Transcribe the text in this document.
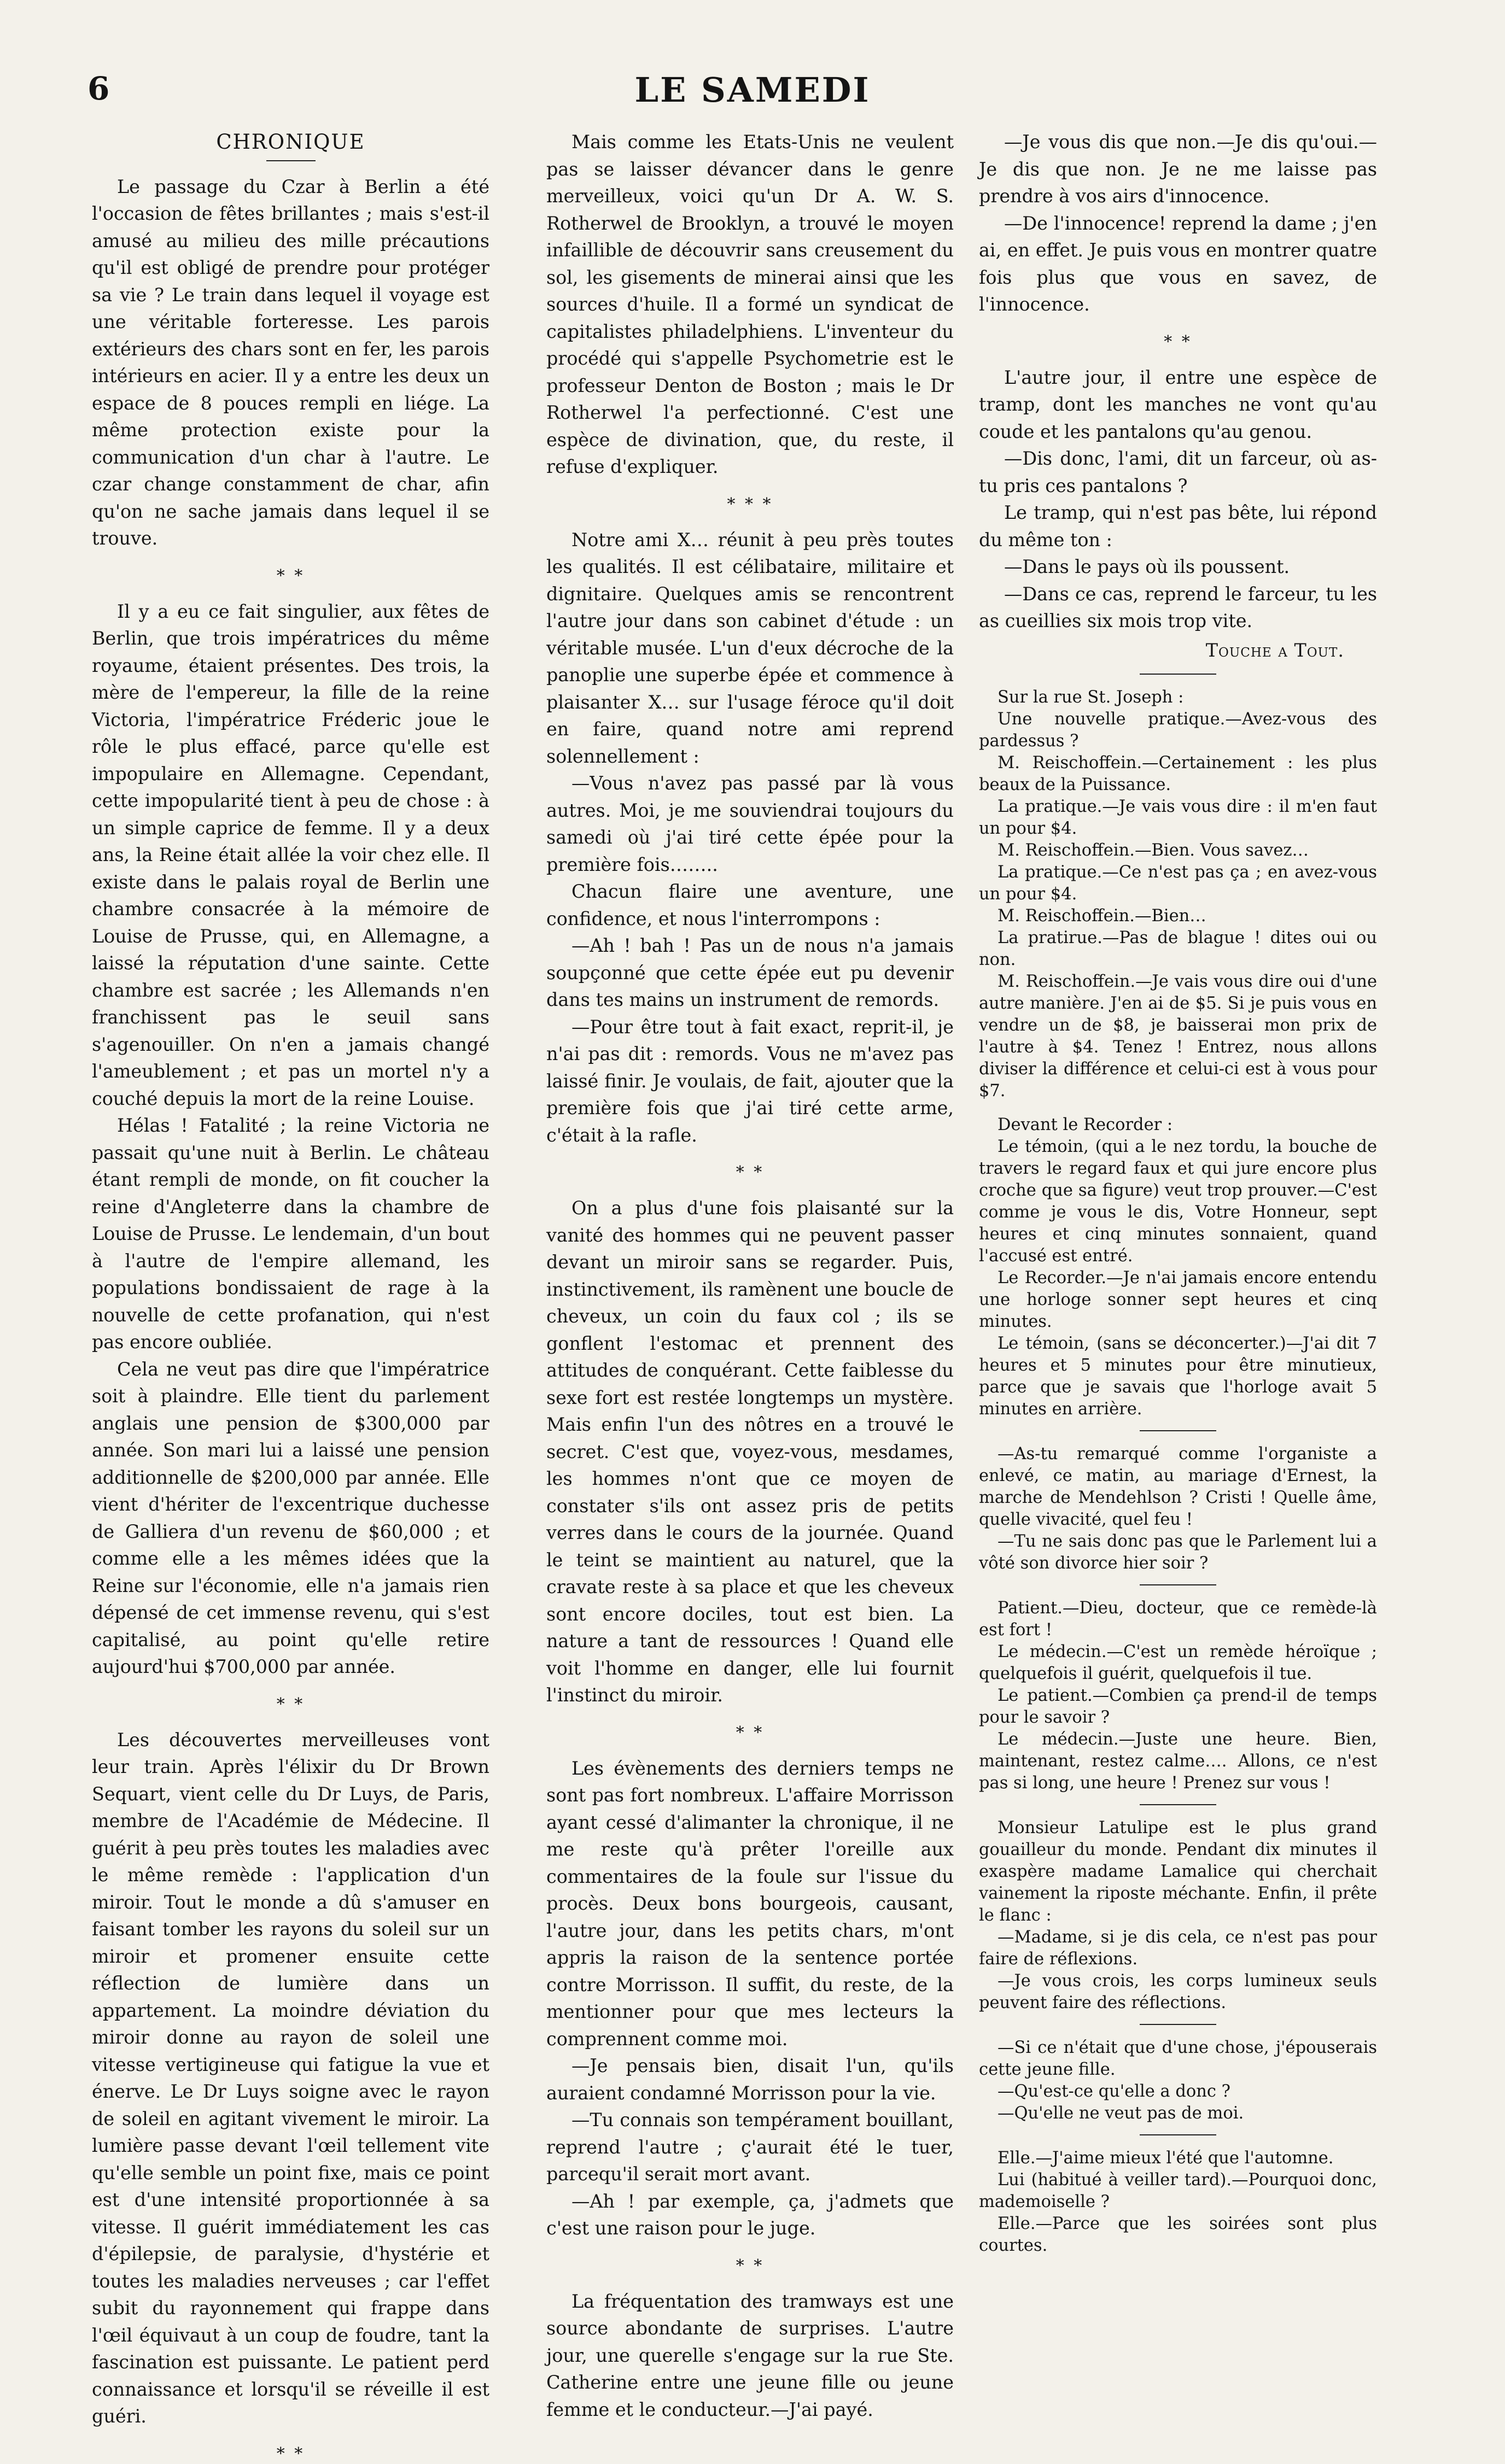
6	LE SAMEDI
CHRONIQUE

Le passage du Czar à Berlin a été l'occasion de fêtes brillantes ; mais s'est-il amusé au milieu des mille précautions qu'il est obligé de prendre pour protéger sa vie ? Le train dans lequel il voyage est une véritable forteresse. Les parois extérieurs des chars sont en fer, les parois intérieurs en acier. Il y a entre les deux un espace de 8 pouces rempli en liége. La même protection existe pour la communication d'un char à l'autre. Le czar change constamment de char, afin qu'on ne sache jamais dans lequel il se trouve.

* *

Il y a eu ce fait singulier, aux fêtes de Berlin, que trois impératrices du même royaume, étaient présentes. Des trois, la mère de l'empereur, la fille de la reine Victoria, l'impératrice Fréderic joue le rôle le plus effacé, parce qu'elle est impopulaire en Allemagne. Cependant, cette impopularité tient à peu de chose : à un simple caprice de femme. Il y a deux ans, la Reine était allée la voir chez elle. Il existe dans le palais royal de Berlin une chambre consacrée à la mémoire de Louise de Prusse, qui, en Allemagne, a laissé la réputation d'une sainte. Cette chambre est sacrée ; les Allemands n'en franchissent pas le seuil sans s'agenouiller. On n'en a jamais changé l'ameublement ; et pas un mortel n'y a couché depuis la mort de la reine Louise.

Hélas ! Fatalité ; la reine Victoria ne passait qu'une nuit à Berlin. Le château étant rempli de monde, on fit coucher la reine d'Angleterre dans la chambre de Louise de Prusse. Le lendemain, d'un bout à l'autre de l'empire allemand, les populations bondissaient de rage à la nouvelle de cette profanation, qui n'est pas encore oubliée.

Cela ne veut pas dire que l'impératrice soit à plaindre. Elle tient du parlement anglais une pension de $300,000 par année. Son mari lui a laissé une pension additionnelle de $200,000 par année. Elle vient d'hériter de l'excentrique duchesse de Galliera d'un revenu de $60,000 ; et comme elle a les mêmes idées que la Reine sur l'économie, elle n'a jamais rien dépensé de cet immense revenu, qui s'est capitalisé, au point qu'elle retire aujourd'hui $700,000 par année.

* *

Les découvertes merveilleuses vont leur train. Après l'élixir du Dr Brown Sequart, vient celle du Dr Luys, de Paris, membre de l'Académie de Médecine. Il guérit à peu près toutes les maladies avec le même remède : l'application d'un miroir. Tout le monde a dû s'amuser en faisant tomber les rayons du soleil sur un miroir et promener ensuite cette réflection de lumière dans un appartement. La moindre déviation du miroir donne au rayon de soleil une vitesse vertigineuse qui fatigue la vue et énerve. Le Dr Luys soigne avec le rayon de soleil en agitant vivement le miroir. La lumière passe devant l'œil tellement vite qu'elle semble un point fixe, mais ce point est d'une intensité proportionnée à sa vitesse. Il guérit immédiatement les cas d'épilepsie, de paralysie, d'hystérie et toutes les maladies nerveuses ; car l'effet subit du rayonnement qui frappe dans l'œil équivaut à un coup de foudre, tant la fascination est puissante. Le patient perd connaissance et lorsqu'il se réveille il est guéri.

* *

Mais comme les Etats-Unis ne veulent pas se laisser dévancer dans le genre merveilleux, voici qu'un Dr A. W. S. Rotherwel de Brooklyn, a trouvé le moyen infaillible de découvrir sans creusement du sol, les gisements de minerai ainsi que les sources d'huile. Il a formé un syndicat de capitalistes philadelphiens. L'inventeur du procédé qui s'appelle Psychometrie est le professeur Denton de Boston ; mais le Dr Rotherwel l'a perfectionné. C'est une espèce de divination, que, du reste, il refuse d'expliquer.

* * *

Notre ami X… réunit à peu près toutes les qualités. Il est célibataire, militaire et dignitaire. Quelques amis se rencontrent l'autre jour dans son cabinet d'étude : un véritable musée. L'un d'eux décroche de la panoplie une superbe épée et commence à plaisanter X… sur l'usage féroce qu'il doit en faire, quand notre ami reprend solennellement :

—Vous n'avez pas passé par là vous autres. Moi, je me souviendrai toujours du samedi où j'ai tiré cette épée pour la première fois……..

Chacun flaire une aventure, une confidence, et nous l'interrompons :

—Ah ! bah ! Pas un de nous n'a jamais soupçonné que cette épée eut pu devenir dans tes mains un instrument de remords.

—Pour être tout à fait exact, reprit-il, je n'ai pas dit : remords. Vous ne m'avez pas laissé finir. Je voulais, de fait, ajouter que la première fois que j'ai tiré cette arme, c'était à la rafle.

* *

On a plus d'une fois plaisanté sur la vanité des hommes qui ne peuvent passer devant un miroir sans se regarder. Puis, instinctivement, ils ramènent une boucle de cheveux, un coin du faux col ; ils se gonflent l'estomac et prennent des attitudes de conquérant. Cette faiblesse du sexe fort est restée longtemps un mystère. Mais enfin l'un des nôtres en a trouvé le secret. C'est que, voyez-vous, mesdames, les hommes n'ont que ce moyen de constater s'ils ont assez pris de petits verres dans le cours de la journée. Quand le teint se maintient au naturel, que la cravate reste à sa place et que les cheveux sont encore dociles, tout est bien. La nature a tant de ressources ! Quand elle voit l'homme en danger, elle lui fournit l'instinct du miroir.

* *

Les évènements des derniers temps ne sont pas fort nombreux. L'affaire Morrisson ayant cessé d'alimanter la chronique, il ne me reste qu'à prêter l'oreille aux commentaires de la foule sur l'issue du procès. Deux bons bourgeois, causant, l'autre jour, dans les petits chars, m'ont appris la raison de la sentence portée contre Morrisson. Il suffit, du reste, de la mentionner pour que mes lecteurs la comprennent comme moi.

—Je pensais bien, disait l'un, qu'ils auraient condamné Morrisson pour la vie.

—Tu connais son tempérament bouillant, reprend l'autre ; ç'aurait été le tuer, parcequ'il serait mort avant.

—Ah ! par exemple, ça, j'admets que c'est une raison pour le juge.

* *

La fréquentation des tramways est une source abondante de surprises. L'autre jour, une querelle s'engage sur la rue Ste. Catherine entre une jeune fille ou jeune femme et le conducteur.—J'ai payé.

—Je vous dis que non.—Je dis qu'oui.—Je dis que non. Je ne me laisse pas prendre à vos airs d'innocence.

—De l'innocence! reprend la dame ; j'en ai, en effet. Je puis vous en montrer quatre fois plus que vous en savez, de l'innocence.

* *

L'autre jour, il entre une espèce de tramp, dont les manches ne vont qu'au coude et les pantalons qu'au genou.

—Dis donc, l'ami, dit un farceur, où as-tu pris ces pantalons ?

Le tramp, qui n'est pas bête, lui répond du même ton :

—Dans le pays où ils poussent.

—Dans ce cas, reprend le farceur, tu les as cueillies six mois trop vite.

Touche a Tout.

Sur la rue St. Joseph :

Une nouvelle pratique.—Avez-vous des pardessus ?

M. Reischoffein.—Certainement : les plus beaux de la Puissance.

La pratique.—Je vais vous dire : il m'en faut un pour $4.

M. Reischoffein.—Bien. Vous savez…

La pratique.—Ce n'est pas ça ; en avez-vous un pour $4.

M. Reischoffein.—Bien…

La pratirue.—Pas de blague ! dites oui ou non.

M. Reischoffein.—Je vais vous dire oui d'une autre manière. J'en ai de $5. Si je puis vous en vendre un de $8, je baisserai mon prix de l'autre à $4. Tenez ! Entrez, nous allons diviser la différence et celui-ci est à vous pour $7.

Devant le Recorder :

Le témoin, (qui a le nez tordu, la bouche de travers le regard faux et qui jure encore plus croche que sa figure) veut trop prouver.—C'est comme je vous le dis, Votre Honneur, sept heures et cinq minutes sonnaient, quand l'accusé est entré.

Le Recorder.—Je n'ai jamais encore entendu une horloge sonner sept heures et cinq minutes.

Le témoin, (sans se déconcerter.)—J'ai dit 7 heures et 5 minutes pour être minutieux, parce que je savais que l'horloge avait 5 minutes en arrière.

—As-tu remarqué comme l'organiste a enlevé, ce matin, au mariage d'Ernest, la marche de Mendehlson ? Cristi ! Quelle âme, quelle vivacité, quel feu !

—Tu ne sais donc pas que le Parlement lui a vôté son divorce hier soir ?

Patient.—Dieu, docteur, que ce remède-là est fort !

Le médecin.—C'est un remède héroïque ; quelquefois il guérit, quelquefois il tue.

Le patient.—Combien ça prend-il de temps pour le savoir ?

Le médecin.—Juste une heure. Bien, maintenant, restez calme…. Allons, ce n'est pas si long, une heure ! Prenez sur vous !

Monsieur Latulipe est le plus grand gouailleur du monde. Pendant dix minutes il exaspère madame Lamalice qui cherchait vainement la riposte méchante. Enfin, il prête le flanc :

—Madame, si je dis cela, ce n'est pas pour faire de réflexions.

—Je vous crois, les corps lumineux seuls peuvent faire des réflections.

—Si ce n'était que d'une chose, j'épouserais cette jeune fille.

—Qu'est-ce qu'elle a donc ?

—Qu'elle ne veut pas de moi.

Elle.—J'aime mieux l'été que l'automne.

Lui (habitué à veiller tard).—Pourquoi donc, mademoiselle ?

Elle.—Parce que les soirées sont plus courtes.
